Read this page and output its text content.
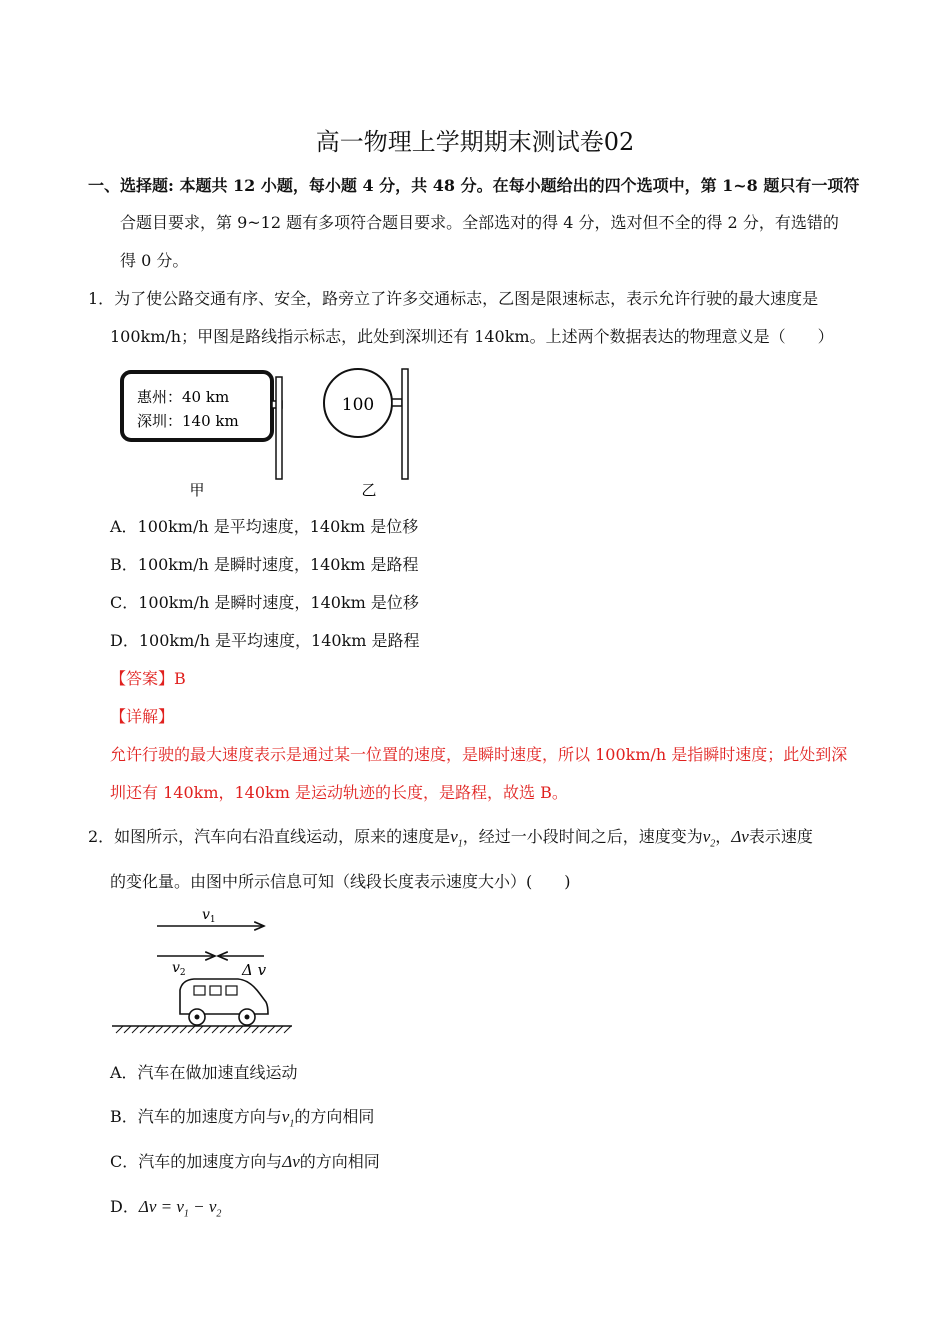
高一物理上学期期末测试卷02
一、选择题: 本题共 12 小题，每小题 4 分，共 48 分。在每小题给出的四个选项中，第 1~8 题只有一项符
合题目要求，第 9~12 题有多项符合题目要求。全部选对的得 4 分，选对但不全的得 2 分，有选错的
得 0 分。
1．为了使公路交通有序、安全，路旁立了许多交通标志，乙图是限速标志，表示允许行驶的最大速度是
100km/h；甲图是路线指示标志，此处到深圳还有 140km。上述两个数据表达的物理意义是（　　）
惠州：40 km
深圳：140 km
100
甲	乙
A．100km/h 是平均速度，140km 是位移
B．100km/h 是瞬时速度，140km 是路程
C．100km/h 是瞬时速度，140km 是位移
D．100km/h 是平均速度，140km 是路程
【答案】B
【详解】
允许行驶的最大速度表示是通过某一位置的速度，是瞬时速度，所以 100km/h 是指瞬时速度；此处到深
圳还有 140km，140km 是运动轨迹的长度，是路程，故选 B。
2．如图所示，汽车向右沿直线运动，原来的速度是$v_1$，经过一小段时间之后，速度变为$v_2$，Δv表示速度
的变化量。由图中所示信息可知（线段长度表示速度大小）(　　)
$v_1$
$v_2$	Δ v
A．汽车在做加速直线运动
B．汽车的加速度方向与$v_1$的方向相同
C．汽车的加速度方向与Δv的方向相同
D．$\Delta v = v_1 - v_2$
